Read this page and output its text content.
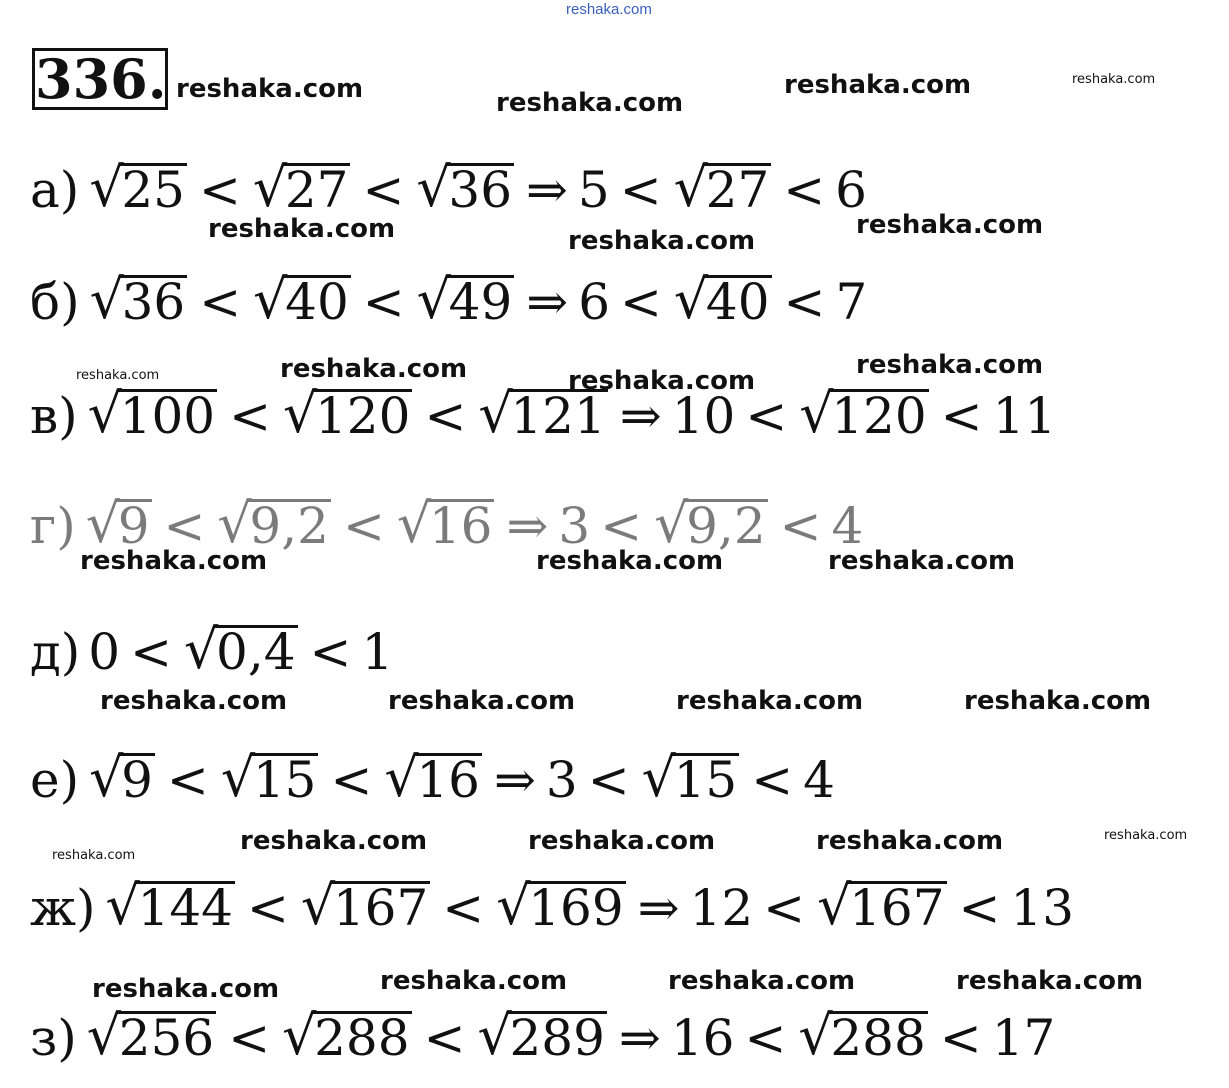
reshaka.com
336. reshaka.com	reshaka.com
reshaka.com	reshaka.com
reshaka.com	reshaka.com
reshaka.com
reshaka.com	reshaka.com	reshaka.com
reshaka.com
reshaka.com	reshaka.com	reshaka.com
reshaka.com	reshaka.com	reshaka.com	reshaka.com
reshaka.com	reshaka.com	reshaka.com	reshaka.com	reshaka.com
reshaka.com	reshaka.com	reshaka.com	reshaka.com
а) √ 25 < √ 27 < √ 36 ⇒ 5 < √ 27 < 6
б) √ 36 < √ 40 < √ 49 ⇒ 6 < √ 40 < 7
в) √ 100 < √ 120 < √ 121 ⇒ 10 < √ 120 < 11
г) √ 9 < √ 9,2 < √ 16 ⇒ 3 < √ 9,2 < 4
д) 0 < √ 0,4 < 1
е) √ 9 < √ 15 < √ 16 ⇒ 3 < √ 15 < 4
ж) √ 144 < √ 167 < √ 169 ⇒ 12 < √ 167 < 13
з) √ 256 < √ 288 < √ 289 ⇒ 16 < √ 288 < 17
